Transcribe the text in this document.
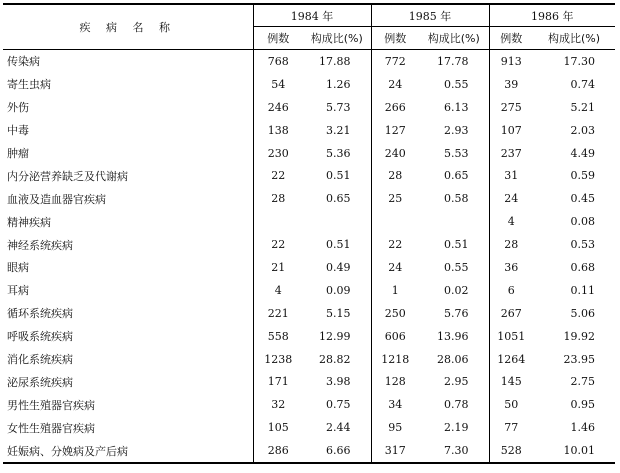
疾 病 名 称	1984 年		1985 年		1986 年	
	例数	构成比(%)	例数	构成比(%)	例数	构成比(%)
传染病	768	17.88	772	17.78	913	17.30
寄生虫病	54	1.26	24	0.55	39	0.74
外伤	246	5.73	266	6.13	275	5.21
中毒	138	3.21	127	2.93	107	2.03
肿瘤	230	5.36	240	5.53	237	4.49
内分泌营养缺乏及代谢病	22	0.51	28	0.65	31	0.59
血液及造血器官疾病	28	0.65	25	0.58	24	0.45
精神疾病					4	0.08
神经系统疾病	22	0.51	22	0.51	28	0.53
眼病	21	0.49	24	0.55	36	0.68
耳病	4	0.09	1	0.02	6	0.11
循环系统疾病	221	5.15	250	5.76	267	5.06
呼吸系统疾病	558	12.99	606	13.96	1051	19.92
消化系统疾病	1238	28.82	1218	28.06	1264	23.95
泌尿系统疾病	171	3.98	128	2.95	145	2.75
男性生殖器官疾病	32	0.75	34	0.78	50	0.95
女性生殖器官疾病	105	2.44	95	2.19	77	1.46
妊娠病、分娩病及产后病	286	6.66	317	7.30	528	10.01
